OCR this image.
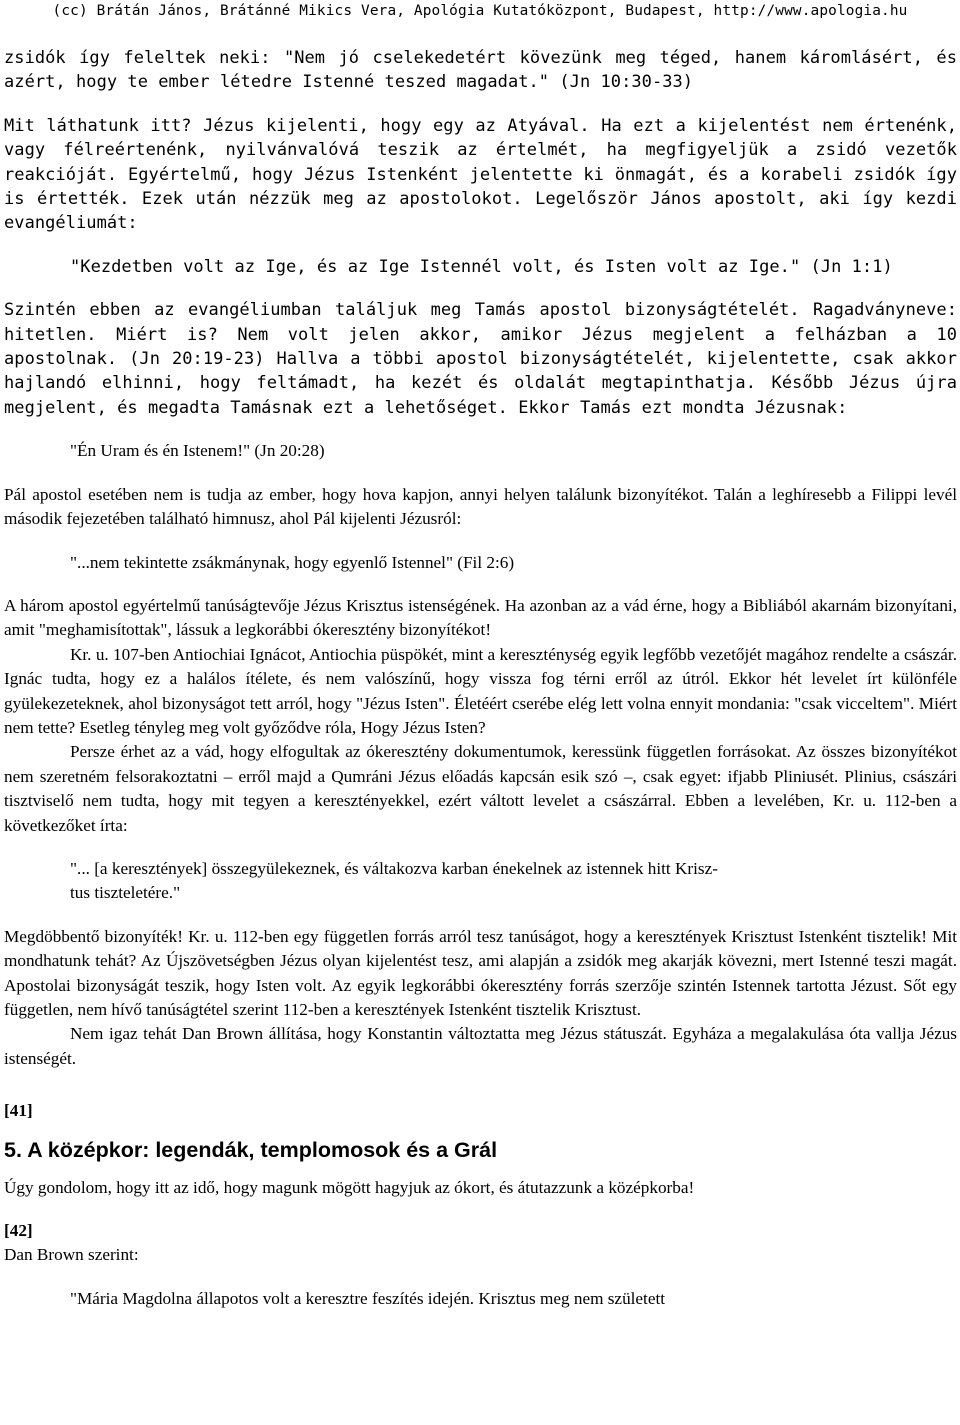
(cc) Brátán János, Brátánné Mikics Vera, Apológia Kutatóközpont, Budapest, http://www.apologia.hu

zsidók így feleltek neki: "Nem jó cselekedetért kövezünk meg téged, hanem káromlásért, és azért, hogy te ember létedre Istenné teszed magadat." (Jn 10:30-33)

Mit láthatunk itt? Jézus kijelenti, hogy egy az Atyával. Ha ezt a kijelentést nem értenénk, vagy félreértenénk, nyilvánvalóvá teszik az értelmét, ha megfigyeljük a zsidó vezetők reakcióját. Egyértelmű, hogy Jézus Istenként jelentette ki önmagát, és a korabeli zsidók így is értették. Ezek után nézzük meg az apostolokot. Legelőször János apostolt, aki így kezdi evangéliumát:

"Kezdetben volt az Ige, és az Ige Istennél volt, és Isten volt az Ige." (Jn 1:1)

Szintén ebben az evangéliumban találjuk meg Tamás apostol bizonyságtételét. Ragadványneve: hitetlen. Miért is? Nem volt jelen akkor, amikor Jézus megjelent a felházban a 10 apostolnak. (Jn 20:19-23) Hallva a többi apostol bizonyságtételét, kijelentette, csak akkor hajlandó elhinni, hogy feltámadt, ha kezét és oldalát megtapinthatja. Később Jézus újra megjelent, és megadta Tamásnak ezt a lehetőséget. Ekkor Tamás ezt mondta Jézusnak:

"Én Uram és én Istenem!" (Jn 20:28)

Pál apostol esetében nem is tudja az ember, hogy hova kapjon, annyi helyen találunk bizonyítékot. Talán a leghíresebb a Filippi levél második fejezetében található himnusz, ahol Pál kijelenti Jézusról:

"...nem tekintette zsákmánynak, hogy egyenlő Istennel" (Fil 2:6)

A három apostol egyértelmű tanúságtevője Jézus Krisztus istenségének. Ha azonban az a vád érne, hogy a Bibliából akarnám bizonyítani, amit "meghamisítottak", lássuk a legkorábbi ókeresztény bizonyítékot!

Kr. u. 107-ben Antiochiai Ignácot, Antiochia püspökét, mint a kereszténység egyik legfőbb vezetőjét magához rendelte a császár. Ignác tudta, hogy ez a halálos ítélete, és nem valószínű, hogy vissza fog térni erről az útról. Ekkor hét levelet írt különféle gyülekezeteknek, ahol bizonyságot tett arról, hogy "Jézus Isten". Életéért cserébe elég lett volna ennyit mondania: "csak vicceltem". Miért nem tette? Esetleg tényleg meg volt győződve róla, Hogy Jézus Isten?

Persze érhet az a vád, hogy elfogultak az ókeresztény dokumentumok, keressünk független forrásokat. Az összes bizonyítékot nem szeretném felsorakoztatni – erről majd a Qumráni Jézus előadás kapcsán esik szó –, csak egyet: ifjabb Pliniusét. Plinius, császári tisztviselő nem tudta, hogy mit tegyen a keresztényekkel, ezért váltott levelet a császárral. Ebben a levelében, Kr. u. 112-ben a következőket írta:

"... [a keresztények] összegyülekeznek, és váltakozva karban énekelnek az istennek hitt Krisz-
tus tiszteletére."

Megdöbbentő bizonyíték! Kr. u. 112-ben egy független forrás arról tesz tanúságot, hogy a keresztények Krisztust Istenként tisztelik! Mit mondhatunk tehát? Az Újszövetségben Jézus olyan kijelentést tesz, ami alapján a zsidók meg akarják kövezni, mert Istenné teszi magát. Apostolai bizonyságát teszik, hogy Isten volt. Az egyik legkorábbi ókeresztény forrás szerzője szintén Istennek tartotta Jézust. Sőt egy független, nem hívő tanúságtétel szerint 112-ben a keresztények Istenként tisztelik Krisztust.

Nem igaz tehát Dan Brown állítása, hogy Konstantin változtatta meg Jézus státuszát. Egyháza a megalakulása óta vallja Jézus istenségét.

[41]

5. A középkor: legendák, templomosok és a Grál

Úgy gondolom, hogy itt az idő, hogy magunk mögött hagyjuk az ókort, és átutazzunk a középkorba!

[42]

Dan Brown szerint:

"Mária Magdolna állapotos volt a keresztre feszítés idején. Krisztus meg nem született
